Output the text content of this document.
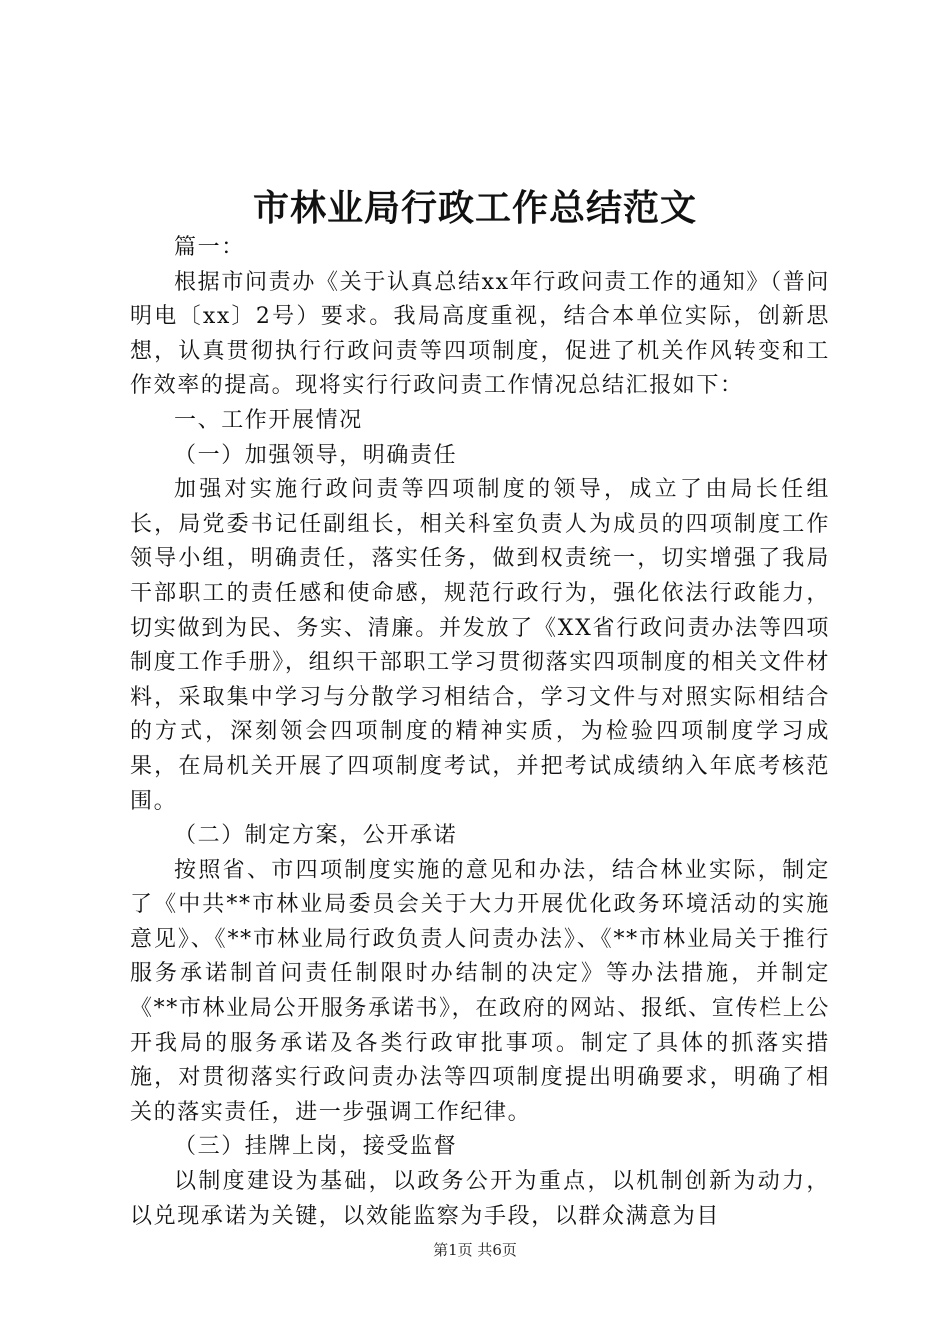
市林业局行政工作总结范文

篇一：

根据市问责办《关于认真总结xx年行政问责工作的通知》（普问明电〔xx〕2号）要求。我局高度重视，结合本单位实际，创新思想，认真贯彻执行行政问责等四项制度，促进了机关作风转变和工作效率的提高。现将实行行政问责工作情况总结汇报如下：

一、工作开展情况

（一）加强领导，明确责任

加强对实施行政问责等四项制度的领导，成立了由局长任组长，局党委书记任副组长，相关科室负责人为成员的四项制度工作领导小组，明确责任，落实任务，做到权责统一，切实增强了我局干部职工的责任感和使命感，规范行政行为，强化依法行政能力，切实做到为民、务实、清廉。并发放了《XX省行政问责办法等四项制度工作手册》，组织干部职工学习贯彻落实四项制度的相关文件材料，采取集中学习与分散学习相结合，学习文件与对照实际相结合的方式，深刻领会四项制度的精神实质，为检验四项制度学习成果，在局机关开展了四项制度考试，并把考试成绩纳入年底考核范围。

（二）制定方案，公开承诺

按照省、市四项制度实施的意见和办法，结合林业实际，制定了《中共**市林业局委员会关于大力开展优化政务环境活动的实施意见》、《**市林业局行政负责人问责办法》、《**市林业局关于推行服务承诺制首问责任制限时办结制的决定》等办法措施，并制定《**市林业局公开服务承诺书》，在政府的网站、报纸、宣传栏上公开我局的服务承诺及各类行政审批事项。制定了具体的抓落实措施，对贯彻落实行政问责办法等四项制度提出明确要求，明确了相关的落实责任，进一步强调工作纪律。

（三）挂牌上岗，接受监督

以制度建设为基础，以政务公开为重点，以机制创新为动力，以兑现承诺为关键，以效能监察为手段，以群众满意为目

第1页 共6页
